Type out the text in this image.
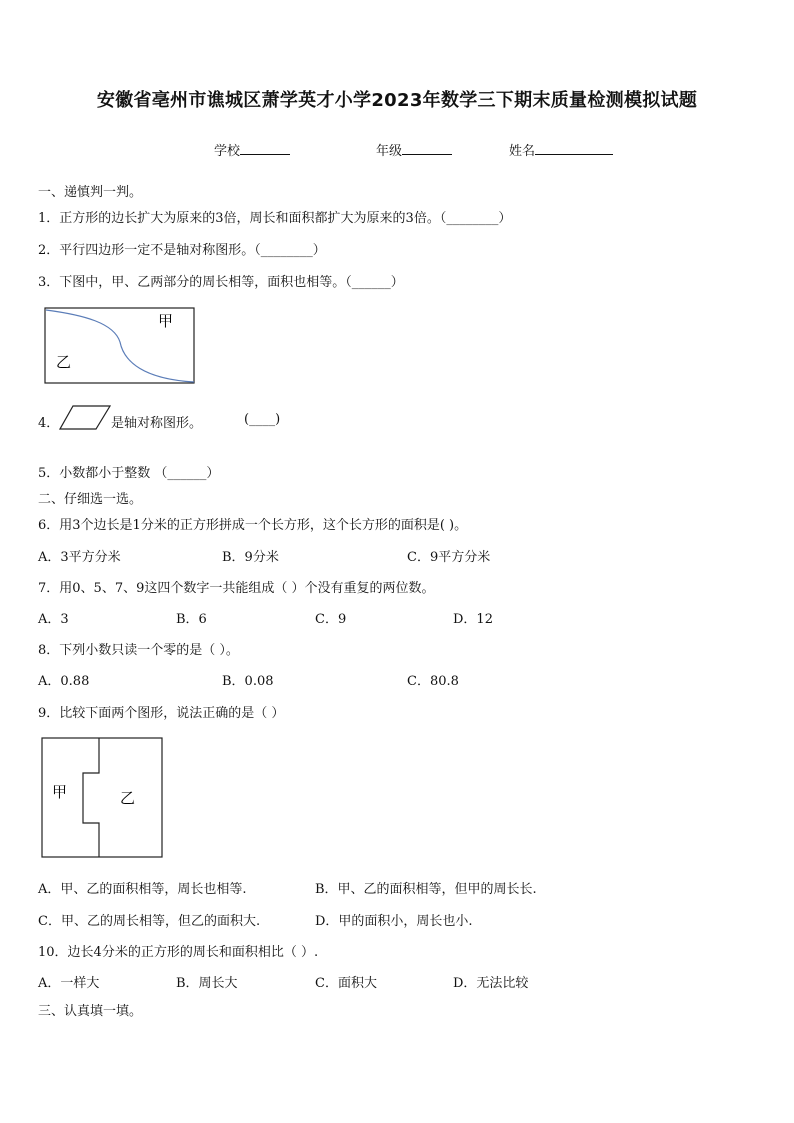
安徽省亳州市谯城区萧学英才小学2023年数学三下期末质量检测模拟试题
学校	年级	姓名
一、递慎判一判。
1．正方形的边长扩大为原来的3倍，周长和面积都扩大为原来的3倍。（________）
2．平行四边形一定不是轴对称图形。（________）
3．下图中，甲、乙两部分的周长相等，面积也相等。（______）
甲
乙
4．	是轴对称图形。	(____)
5．小数都小于整数 （______）
二、仔细选一选。
6．用3个边长是1分米的正方形拼成一个长方形，这个长方形的面积是( )。
A．3平方分米	B．9分米	C．9平方分米
7．用0、5、7、9这四个数字一共能组成（ ）个没有重复的两位数。
A．3	B．6	C．9	D．12
8．下列小数只读一个零的是（ ）。
A．0.88	B．0.08	C．80.8
9．比较下面两个图形，说法正确的是（ ）
甲	乙
A．甲、乙的面积相等，周长也相等.	B．甲、乙的面积相等，但甲的周长长.
C．甲、乙的周长相等，但乙的面积大.	D．甲的面积小，周长也小.
10．边长4分米的正方形的周长和面积相比（ ）.
A．一样大	B．周长大	C．面积大	D．无法比较
三、认真填一填。
